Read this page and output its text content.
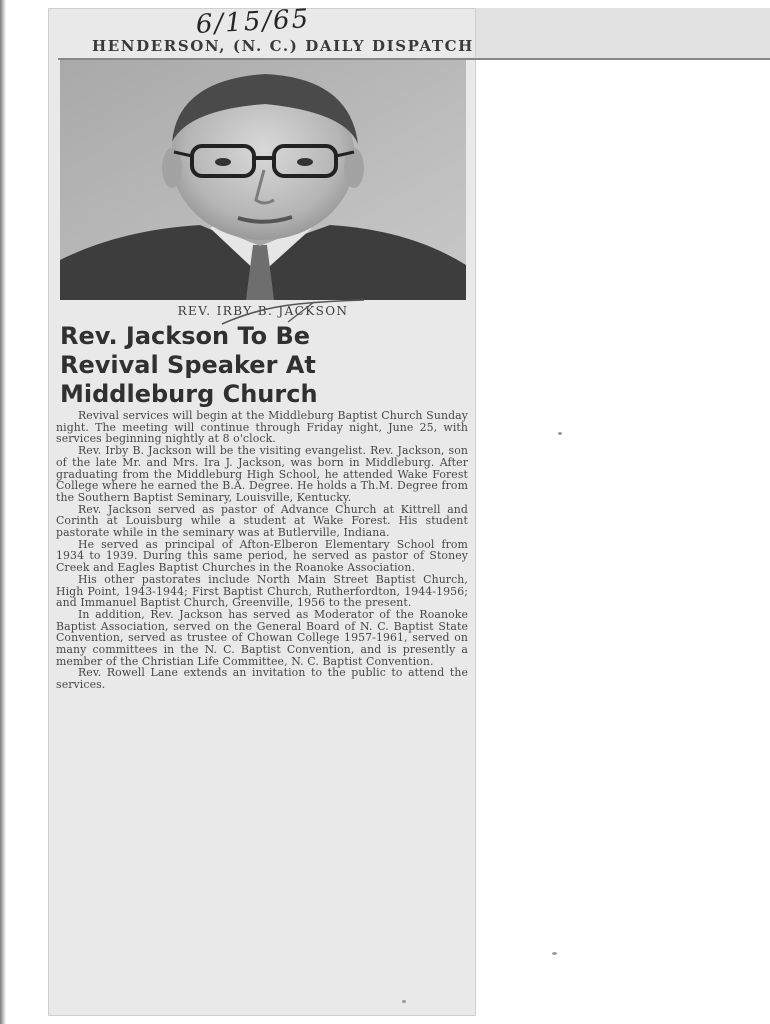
6/15/65
HENDERSON, (N. C.) DAILY DISPATCH
REV. IRBY B. JACKSON
Rev. Jackson To Be
Revival Speaker At
Middleburg Church

Revival services will begin at the Middleburg Baptist Church Sunday night. The meeting will continue through Friday night, June 25, with services beginning nightly at 8 o'clock.

Rev. Irby B. Jackson will be the visiting evangelist. Rev. Jackson, son of the late Mr. and Mrs. Ira J. Jackson, was born in Middleburg. After graduating from the Middleburg High School, he attended Wake Forest College where he earned the B.A. Degree. He holds a Th.M. Degree from the Southern Baptist Seminary, Louisville, Kentucky.

Rev. Jackson served as pastor of Advance Church at Kittrell and Corinth at Louisburg while a student at Wake Forest. His student pastorate while in the seminary was at Butlerville, Indiana.

He served as principal of Afton-Elberon Elementary School from 1934 to 1939. During this same period, he served as pastor of Stoney Creek and Eagles Baptist Churches in the Roanoke Association.

His other pastorates include North Main Street Baptist Church, High Point, 1943-1944; First Baptist Church, Rutherfordton, 1944-1956; and Immanuel Baptist Church, Greenville, 1956 to the present.

In addition, Rev. Jackson has served as Moderator of the Roanoke Baptist Association, served on the General Board of N. C. Baptist State Convention, served as trustee of Chowan College 1957-1961, served on many committees in the N. C. Baptist Convention, and is presently a member of the Christian Life Committee, N. C. Baptist Convention.

Rev. Rowell Lane extends an invitation to the public to attend the services.
